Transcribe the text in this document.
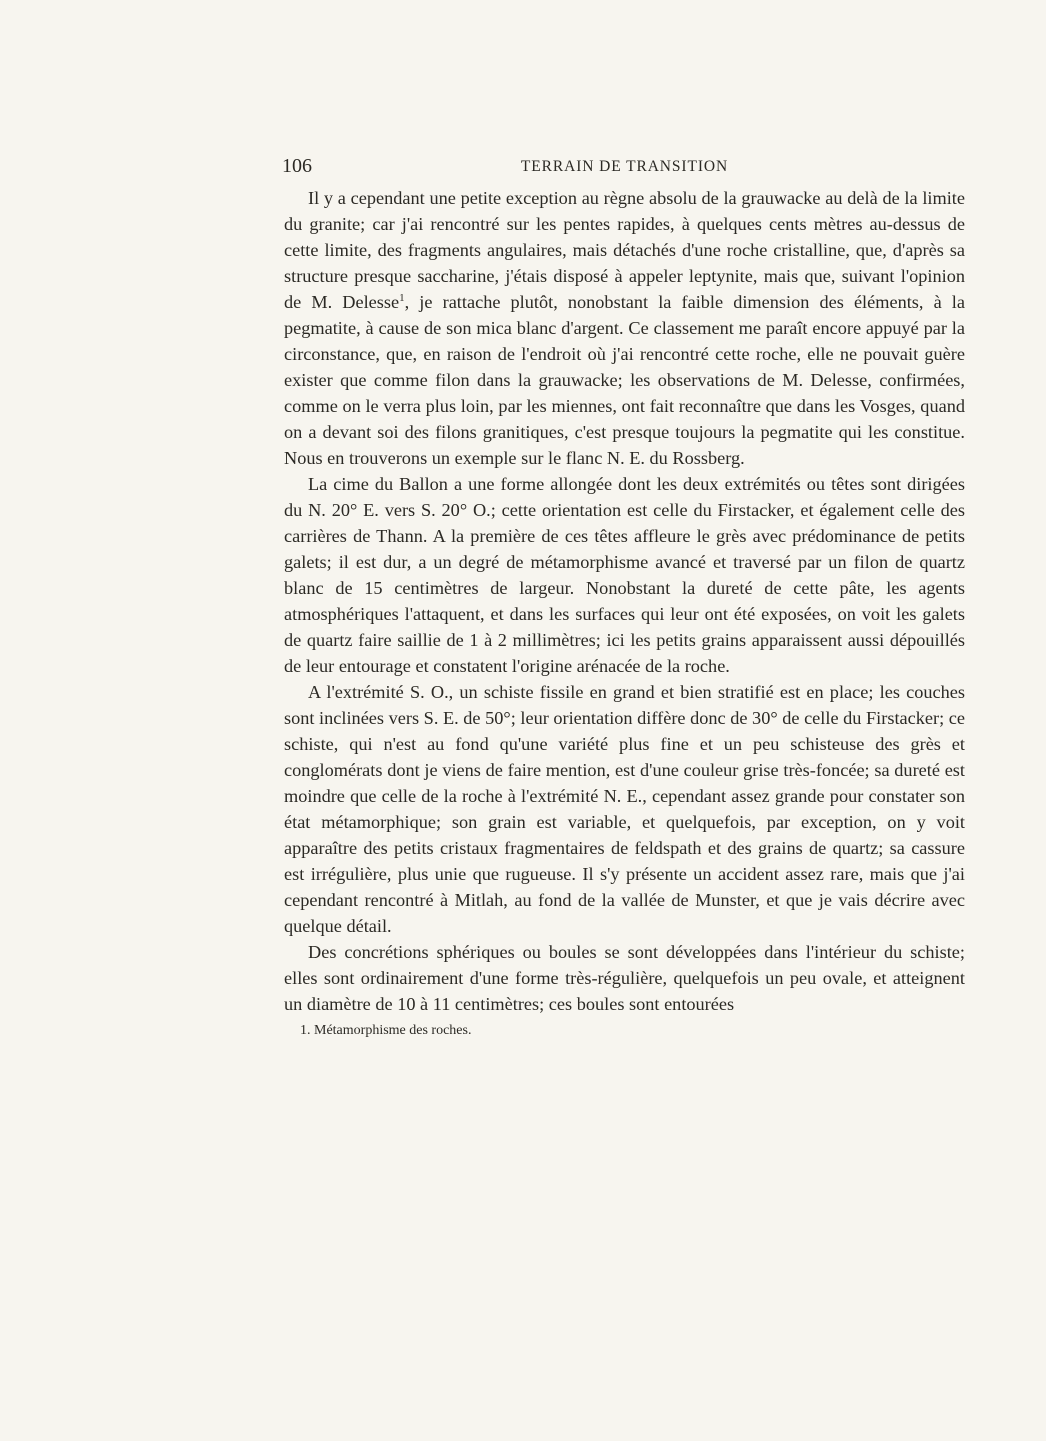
106	TERRAIN DE TRANSITION

Il y a cependant une petite exception au règne absolu de la grauwacke au delà de la limite du granite; car j'ai rencontré sur les pentes rapides, à quelques cents mètres au-dessus de cette limite, des fragments angulaires, mais détachés d'une roche cristalline, que, d'après sa structure presque saccharine, j'étais disposé à appeler leptynite, mais que, suivant l'opinion de M. Delesse$^1$, je rattache plutôt, nonobstant la faible dimension des éléments, à la pegmatite, à cause de son mica blanc d'argent. Ce classement me paraît encore appuyé par la circonstance, que, en raison de l'endroit où j'ai rencontré cette roche, elle ne pouvait guère exister que comme filon dans la grauwacke; les observations de M. Delesse, confirmées, comme on le verra plus loin, par les miennes, ont fait reconnaître que dans les Vosges, quand on a devant soi des filons granitiques, c'est presque toujours la pegmatite qui les constitue. Nous en trouverons un exemple sur le flanc N. E. du Rossberg.

La cime du Ballon a une forme allongée dont les deux extrémités ou têtes sont dirigées du N. 20° E. vers S. 20° O.; cette orientation est celle du Firstacker, et également celle des carrières de Thann. A la première de ces têtes affleure le grès avec prédominance de petits galets; il est dur, a un degré de métamorphisme avancé et traversé par un filon de quartz blanc de 15 centimètres de largeur. Nonobstant la dureté de cette pâte, les agents atmosphériques l'attaquent, et dans les surfaces qui leur ont été exposées, on voit les galets de quartz faire saillie de 1 à 2 millimètres; ici les petits grains apparaissent aussi dépouillés de leur entourage et constatent l'origine arénacée de la roche.

A l'extrémité S. O., un schiste fissile en grand et bien stratifié est en place; les couches sont inclinées vers S. E. de 50°; leur orientation diffère donc de 30° de celle du Firstacker; ce schiste, qui n'est au fond qu'une variété plus fine et un peu schisteuse des grès et conglomérats dont je viens de faire mention, est d'une couleur grise très-foncée; sa dureté est moindre que celle de la roche à l'extrémité N. E., cependant assez grande pour constater son état métamorphique; son grain est variable, et quelquefois, par exception, on y voit apparaître des petits cristaux fragmentaires de feldspath et des grains de quartz; sa cassure est irrégulière, plus unie que rugueuse. Il s'y présente un accident assez rare, mais que j'ai cependant rencontré à Mitlah, au fond de la vallée de Munster, et que je vais décrire avec quelque détail.

Des concrétions sphériques ou boules se sont développées dans l'intérieur du schiste; elles sont ordinairement d'une forme très-régulière, quelquefois un peu ovale, et atteignent un diamètre de 10 à 11 centimètres; ces boules sont entourées

1. Métamorphisme des roches.
